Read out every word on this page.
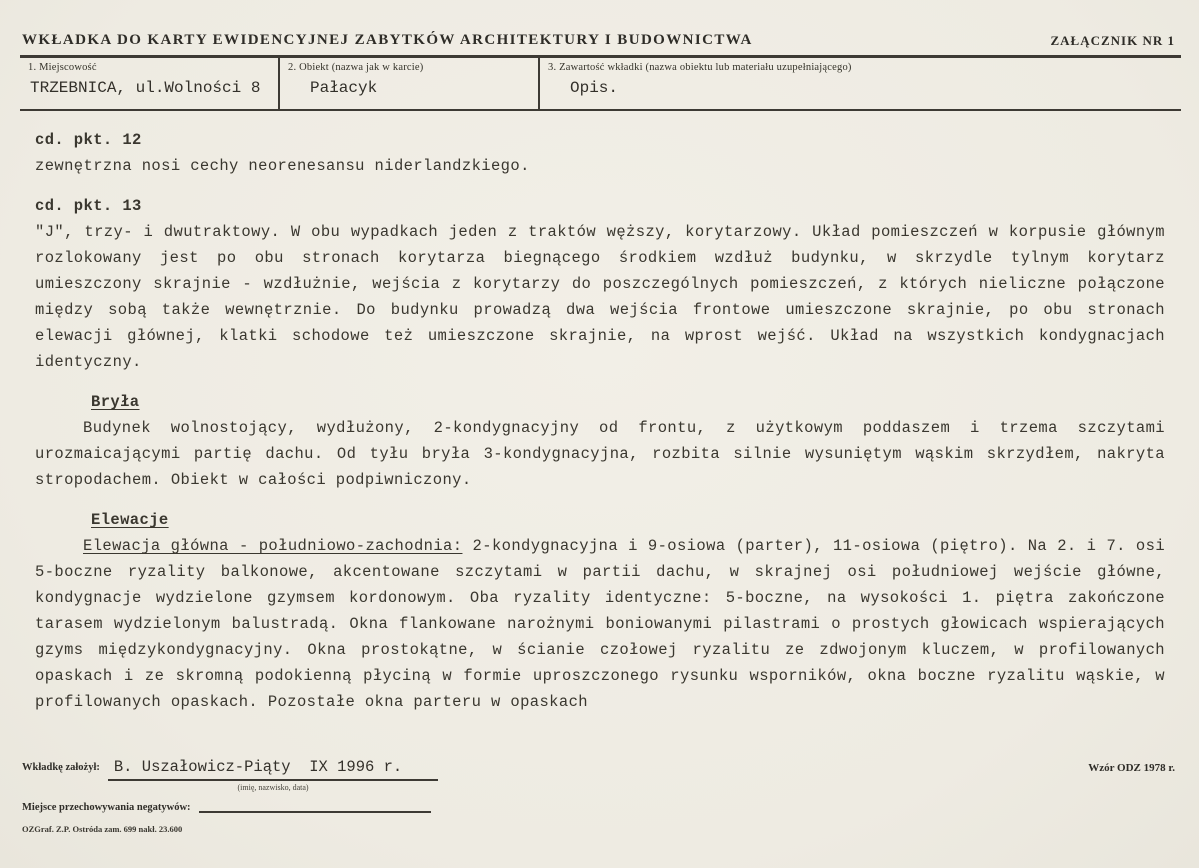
WKŁADKA DO KARTY EWIDENCYJNEJ ZABYTKÓW ARCHITEKTURY I BUDOWNICTWA	ZAŁĄCZNIK NR 1
1. Miejscowość
TRZEBNICA, ul.Wolności 8
2. Obiekt (nazwa jak w karcie)
Pałacyk
3. Zawartość wkładki (nazwa obiektu lub materiału uzupełniającego)
Opis.

cd. pkt. 12

zewnętrzna nosi cechy neorenesansu niderlandzkiego.

cd. pkt. 13

"J", trzy- i dwutraktowy. W obu wypadkach jeden z traktów węższy, korytarzowy. Układ pomieszczeń w korpusie głównym rozlokowany jest po obu stronach korytarza biegnącego środkiem wzdłuż budynku, w skrzydle tylnym korytarz umieszczony skrajnie - wzdłużnie, wejścia z korytarzy do poszczególnych pomieszczeń, z których nieliczne połączone między sobą także wewnętrznie. Do budynku prowadzą dwa wejścia frontowe umieszczone skrajnie, po obu stronach elewacji głównej, klatki schodowe też umieszczone skrajnie, na wprost wejść. Układ na wszystkich kondygnacjach identyczny.

Bryła

Budynek wolnostojący, wydłużony, 2-kondygnacyjny od frontu, z użytkowym poddaszem i trzema szczytami urozmaicającymi partię dachu. Od tyłu bryła 3-kondygnacyjna, rozbita silnie wysuniętym wąskim skrzydłem, nakryta stropodachem. Obiekt w całości podpiwniczony.

Elewacje

Elewacja główna - południowo-zachodnia: 2-kondygnacyjna i 9-osiowa (parter), 11-osiowa (piętro). Na 2. i 7. osi 5-boczne ryzality balkonowe, akcentowane szczytami w partii dachu, w skrajnej osi południowej wejście główne, kondygnacje wydzielone gzymsem kordonowym. Oba ryzality identyczne: 5-boczne, na wysokości 1. piętra zakończone tarasem wydzielonym balustradą. Okna flankowane narożnymi boniowanymi pilastrami o prostych głowicach wspierających gzyms międzykondygnacyjny. Okna prostokątne, w ścianie czołowej ryzalitu ze zdwojonym kluczem, w profilowanych opaskach i ze skromną podokienną płyciną w formie uproszczonego rysunku wsporników, okna boczne ryzalitu wąskie, w profilowanych opaskach. Pozostałe okna parteru w opaskach

Wkładkę założył: B. Uszałowicz-Piąty  IX 1996 r.
(imię, nazwisko, data)
Wzór ODZ 1978 r.
Miejsce przechowywania negatywów:
OZGraf. Z.P. Ostróda zam. 699 nakł. 23.600
